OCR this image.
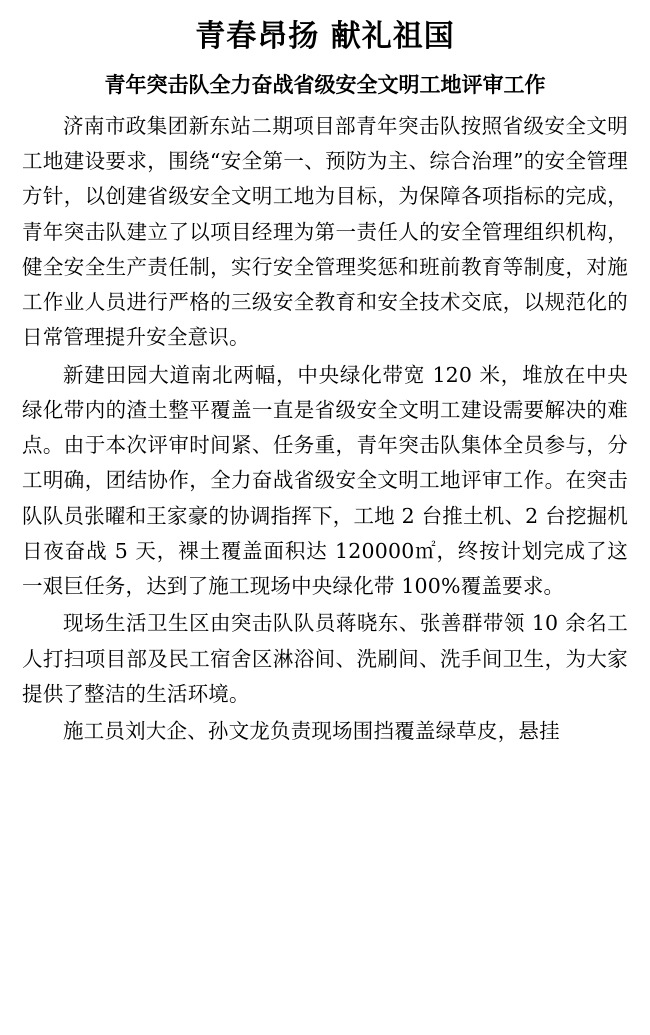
青春昂扬 献礼祖国
青年突击队全力奋战省级安全文明工地评审工作

济南市政集团新东站二期项目部青年突击队按照省级安全文明工地建设要求，围绕“安全第一、预防为主、综合治理”的安全管理方针，以创建省级安全文明工地为目标，为保障各项指标的完成，青年突击队建立了以项目经理为第一责任人的安全管理组织机构，健全安全生产责任制，实行安全管理奖惩和班前教育等制度，对施工作业人员进行严格的三级安全教育和安全技术交底，以规范化的日常管理提升安全意识。

新建田园大道南北两幅，中央绿化带宽 120 米，堆放在中央绿化带内的渣土整平覆盖一直是省级安全文明工建设需要解决的难点。由于本次评审时间紧、任务重，青年突击队集体全员参与，分工明确，团结协作，全力奋战省级安全文明工地评审工作。在突击队队员张曜和王家豪的协调指挥下，工地 2 台推土机、2 台挖掘机日夜奋战 5 天，裸土覆盖面积达 120000㎡，终按计划完成了这一艰巨任务，达到了施工现场中央绿化带 100%覆盖要求。

现场生活卫生区由突击队队员蒋晓东、张善群带领 10 余名工人打扫项目部及民工宿舍区淋浴间、洗刷间、洗手间卫生，为大家提供了整洁的生活环境。

施工员刘大企、孙文龙负责现场围挡覆盖绿草皮，悬挂
